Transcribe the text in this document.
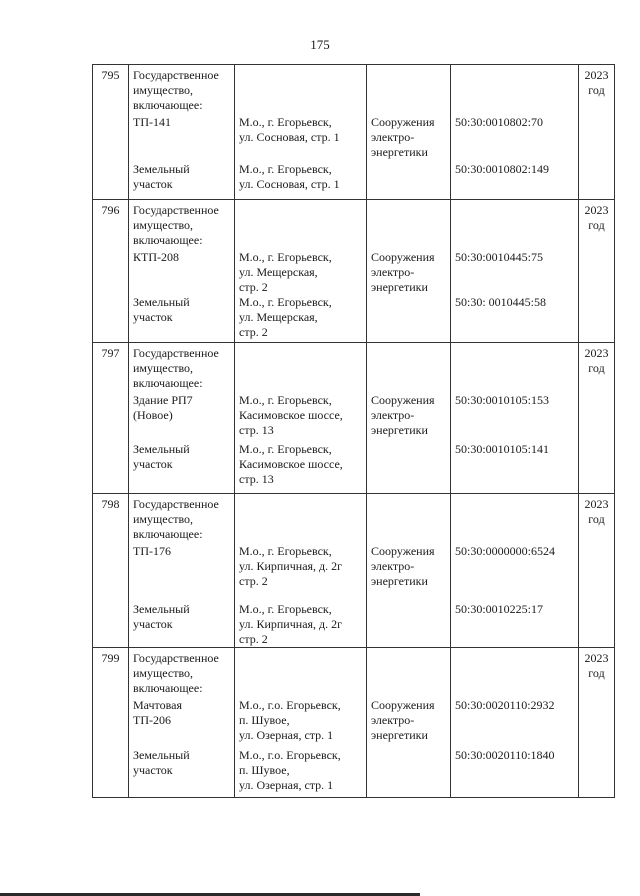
175
795	Государственное
имущество,
включающее:				2023
год

	ТП-141	М.о., г. Егорьевск,
ул. Сосновая, стр. 1	Сооружения
электро-
энергетики	50:30:0010802:70	

	Земельный
участок	М.о., г. Егорьевск,
ул. Сосновая, стр. 1		50:30:0010802:149	

796	Государственное
имущество,
включающее:				2023
год

	КТП-208	М.о., г. Егорьевск,
ул. Мещерская,
стр. 2	Сооружения
электро-
энергетики	50:30:0010445:75	

	Земельный
участок	М.о., г. Егорьевск,
ул. Мещерская,
стр. 2		50:30: 0010445:58	

797	Государственное
имущество,
включающее:				2023
год

	Здание РП7
(Новое)	М.о., г. Егорьевск,
Касимовское шоссе,
стр. 13	Сооружения
электро-
энергетики	50:30:0010105:153	

	Земельный
участок	М.о., г. Егорьевск,
Касимовское шоссе,
стр. 13		50:30:0010105:141	

798	Государственное
имущество,
включающее:				2023
год

	ТП-176	М.о., г. Егорьевск,
ул. Кирпичная, д. 2г
стр. 2	Сооружения
электро-
энергетики	50:30:0000000:6524	

	Земельный
участок	М.о., г. Егорьевск,
ул. Кирпичная, д. 2г
стр. 2		50:30:0010225:17	

799	Государственное
имущество,
включающее:				2023
год

	Мачтовая
ТП-206	М.о., г.о. Егорьевск,
п. Шувое,
ул. Озерная, стр. 1	Сооружения
электро-
энергетики	50:30:0020110:2932	

	Земельный
участок	М.о., г.о. Егорьевск,
п. Шувое,
ул. Озерная, стр. 1		50:30:0020110:1840	
